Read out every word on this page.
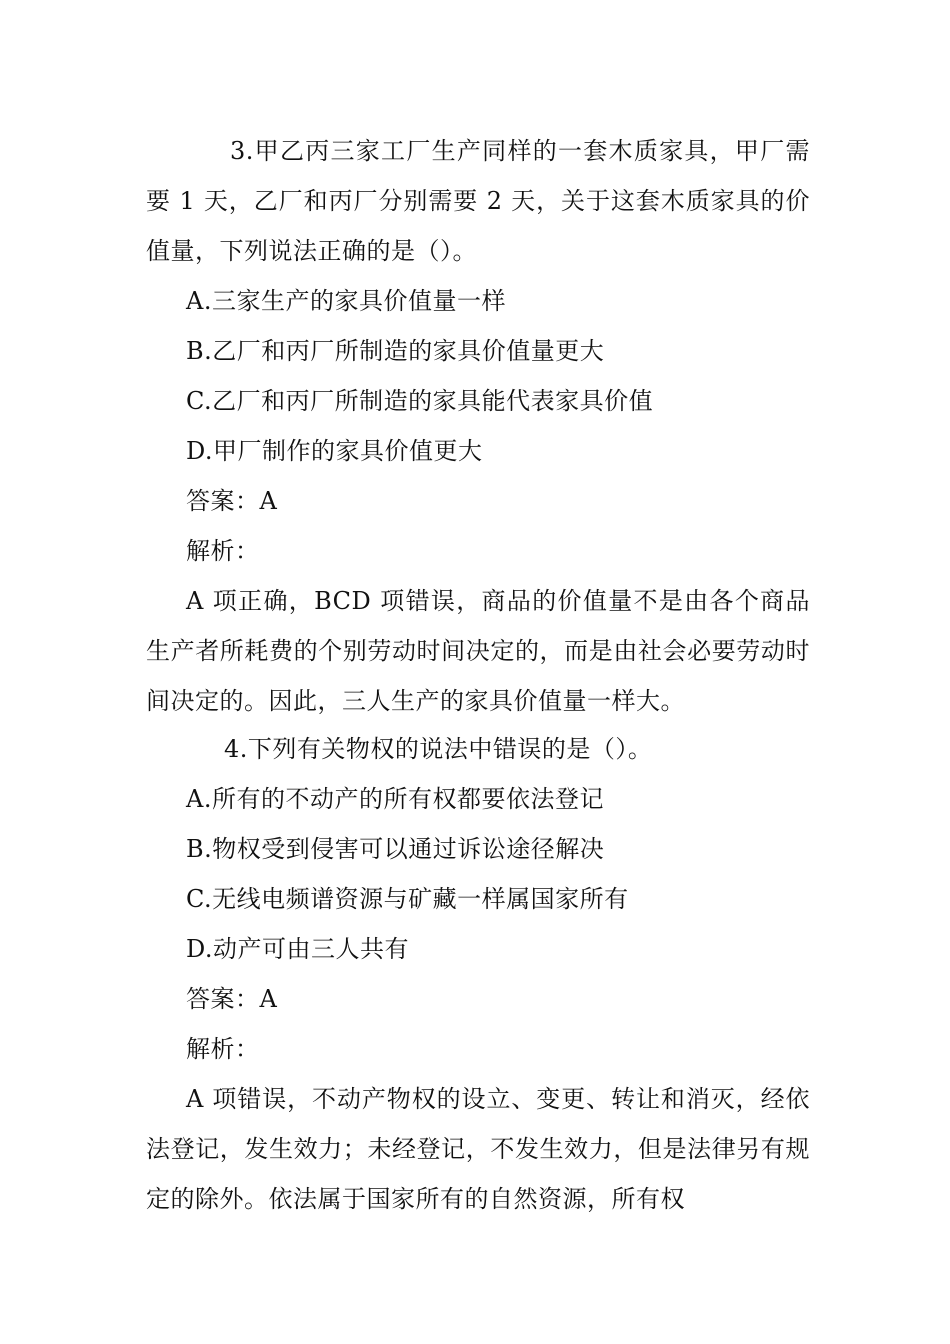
3.甲乙丙三家工厂生产同样的一套木质家具，甲厂需要 1 天，乙厂和丙厂分别需要 2 天，关于这套木质家具的价值量，下列说法正确的是（）。

A.三家生产的家具价值量一样

B.乙厂和丙厂所制造的家具价值量更大

C.乙厂和丙厂所制造的家具能代表家具价值

D.甲厂制作的家具价值更大

答案：A

解析：

A 项正确，BCD 项错误，商品的价值量不是由各个商品生产者所耗费的个别劳动时间决定的，而是由社会必要劳动时间决定的。因此，三人生产的家具价值量一样大。

4.下列有关物权的说法中错误的是（）。

A.所有的不动产的所有权都要依法登记

B.物权受到侵害可以通过诉讼途径解决

C.无线电频谱资源与矿藏一样属国家所有

D.动产可由三人共有

答案：A

解析：

A 项错误，不动产物权的设立、变更、转让和消灭，经依法登记，发生效力；未经登记，不发生效力，但是法律另有规定的除外。依法属于国家所有的自然资源，所有权
